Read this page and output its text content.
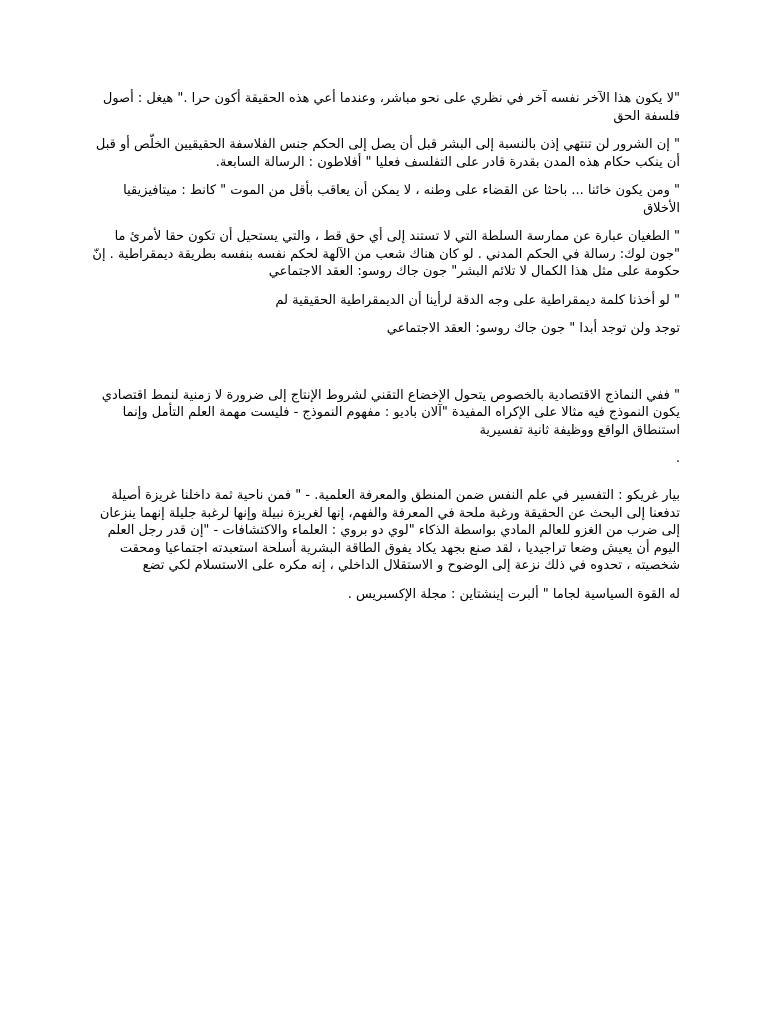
"لا يكون هذا الآخر نفسه آخر في نظري على نحو مباشر، وعندما أعي هذه الحقيقة أكون حرا ." هيغل : أصول فلسفة الحق

" إن الشرور لن تنتهي إذن بالنسبة إلى البشر قبل أن يصل إلى الحكم جنس الفلاسفة الحقيقيين الخلّص أو قبل أن ينكب حكام هذه المدن بقدرة قادر على التفلسف فعليا " أفلاطون : الرسالة السابعة.

" ومن يكون خائنا ... باحثا عن القضاء على وطنه ، لا يمكن أن يعاقب بأقل من الموت " كانط : ميتافيزيقيا الأخلاق

" الطغيان عبارة عن ممارسة السلطة التي لا تستند إلى أي حق قط ، والتي يستحيل أن تكون حقا لأمرئ ما "جون لوك: رسالة في الحكم المدني . لو كان هناك شعب من الآلهة لحكم نفسه بنفسه بطريقة ديمقراطية . إنّ حكومة على مثل هذا الكمال لا تلائم البشر" جون جاك روسو: العقد الاجتماعي

" لو أخذنا كلمة ديمقراطية على وجه الدقة لرأينا أن الديمقراطية الحقيقية لم

توجد ولن توجد أبدا " جون جاك روسو: العقد الاجتماعي

" ففي النماذج الاقتصادية بالخصوص يتحول الإخضاع التقني لشروط الإنتاج إلى ضرورة لا زمنية لنمط اقتصادي يكون النموذج فيه مثالا على الإكراه المفيدة "آلان باديو : مفهوم النموذج - فليست مهمة العلم التأمل وإنما استنطاق الواقع ووظيفة ثانية تفسيرية

.

بيار غريكو : التفسير في علم النفس ضمن المنطق والمعرفة العلمية. - " فمن ناحية ثمة داخلنا غريزة أصيلة تدفعنا إلى البحث عن الحقيقة ورغبة ملحة في المعرفة والفهم، إنها لغريزة نبيلة وإنها لرغبة جليلة إنهما ينزعان إلى ضرب من الغزو للعالم المادي بواسطة الذكاء "لوي دو بروي : العلماء والاكتشافات - "إن قدر رجل العلم اليوم أن يعيش وضعا تراجيديا ، لقد صنع بجهد يكاد يفوق الطاقة البشرية أسلحة استعبدته اجتماعيا ومحقت شخصيته ، تحدوه في ذلك نزعة إلى الوضوح و الاستقلال الداخلي ، إنه مكره على الاستسلام لكي تضع

له القوة السياسية لجاما " ألبرت إينشتاين : مجلة الإكسبريس .
